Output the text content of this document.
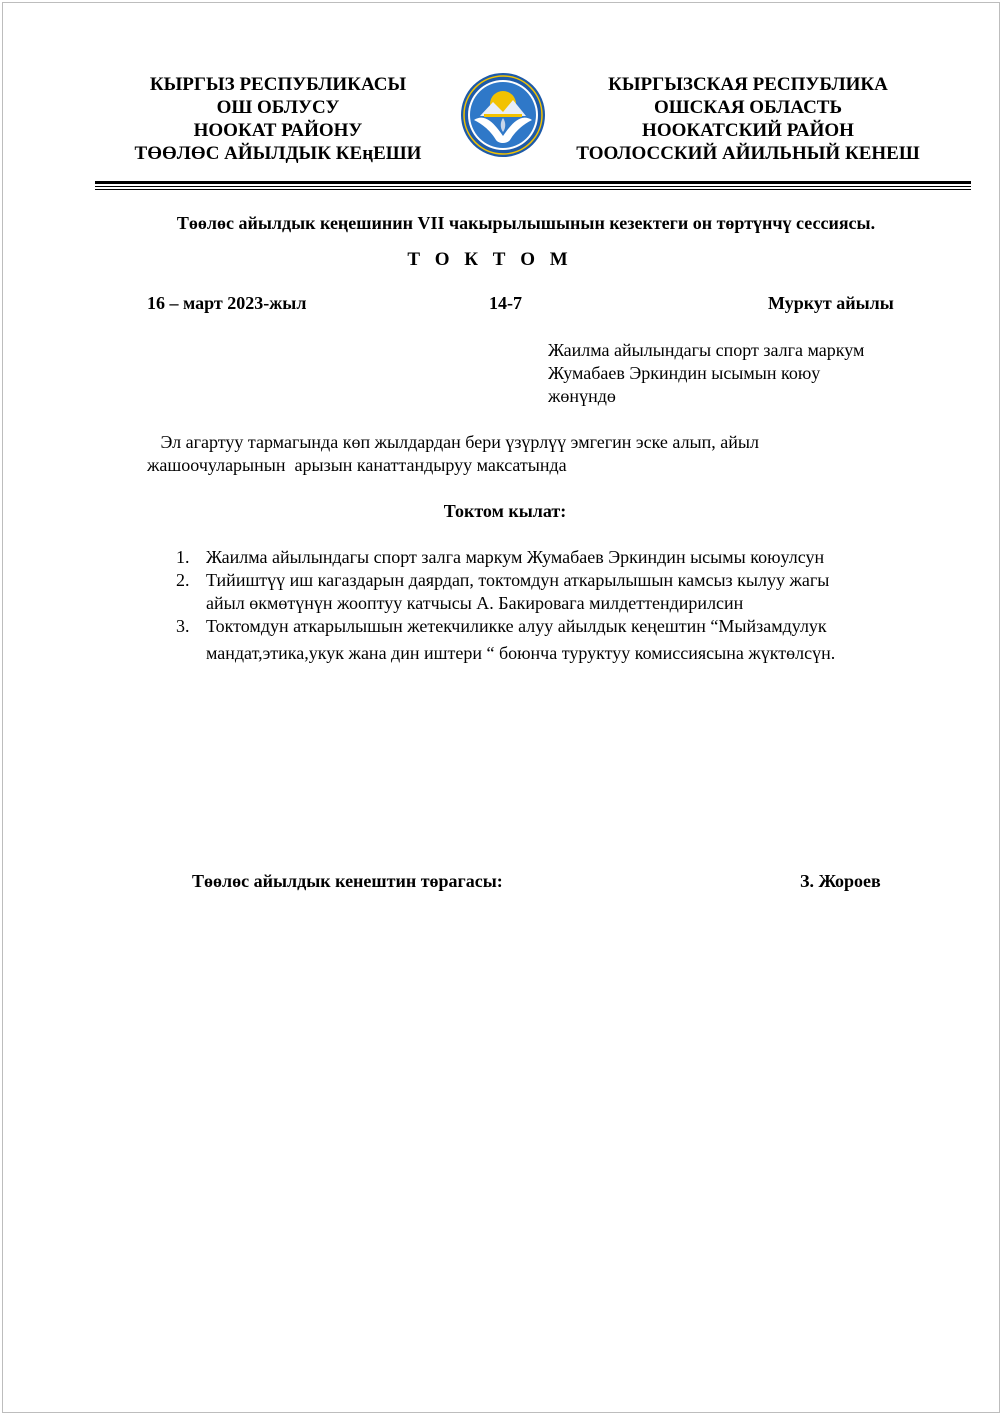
КЫРГЫЗ РЕСПУБЛИКАСЫ
ОШ ОБЛУСУ
НООКАТ РАЙОНУ
ТӨӨЛӨС АЙЫЛДЫК КЕңЕШИ
КЫРГЫЗСКАЯ РЕСПУБЛИКА
ОШСКАЯ ОБЛАСТЬ
НООКАТСКИЙ РАЙОН
ТООЛОССКИЙ АЙИЛЬНЫЙ КЕНЕШ
Төөлөс айылдык кеңешинин VII чакырылышынын кезектеги он төртүнчү сессиясы.
Т О К Т О М
16 – март 2023-жыл	14-7	Муркут айылы
Жаилма айылындагы спорт залга маркум
Жумабаев Эркиндин ысымын коюу
жөнүндө
Эл агартуу тармагында көп жылдардан бери үзүрлүү эмгегин эске алып, айыл
жашоочуларынын  арызын канаттандыруу максатында
Токтом кылат:
1. Жаилма айылындагы спорт залга маркум Жумабаев Эркиндин ысымы коюулсун
2. Тийиштүү иш кагаздарын даярдап, токтомдун аткарылышын камсыз кылуу жагы
айыл өкмөтүнүн жооптуу катчысы А. Бакировага милдеттендирилсин
3. Токтомдун аткарылышын жетекчиликке алуу айылдык кеңештин “Мыйзамдулук
мандат,этика,укук жана дин иштери “ боюнча туруктуу комиссиясына жүктөлсүн.
Төөлөс айылдык кенештин төрагасы:	З. Жороев
